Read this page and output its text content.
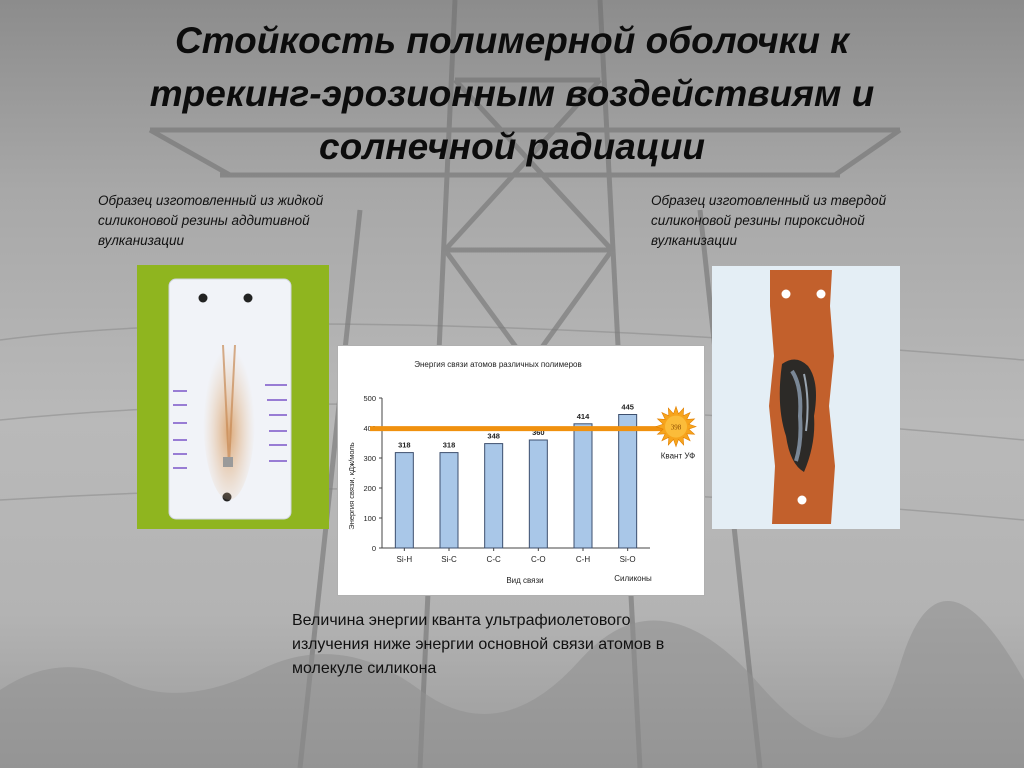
Стойкость полимерной оболочки к
трекинг-эрозионным воздействиям и
солнечной радиации

Образец изготовленный из жидкой
силиконовой резины аддитивной
вулканизации

Образец изготовленный из твердой
силиконовой резины пироксидной
вулканизации

Энергия связи атомов различных полимеров
Энергия связи, кДж/моль
Вид связи	Силиконы
0
100
200
300
400
500
318
Si-H
318
Si-C
348
C-C
360
C-O
414
C-H
445
Si-O
398
Квант УФ

Величина энергии кванта ультрафиолетового
излучения ниже энергии основной связи атомов в
молекуле силикона
